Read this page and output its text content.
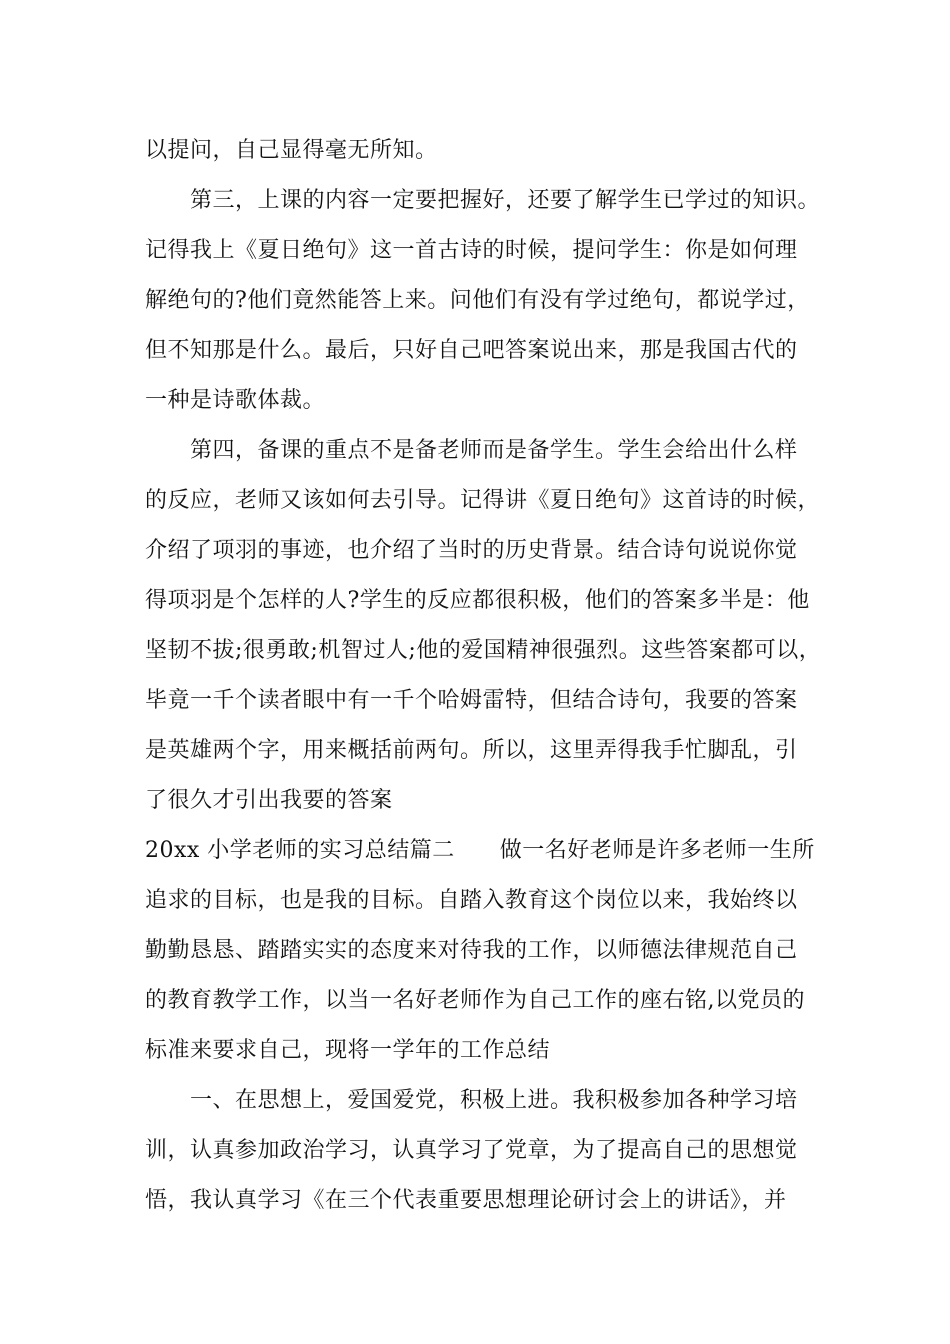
以提问，自己显得毫无所知。
第三，上课的内容一定要把握好，还要了解学生已学过的知识。
记得我上《夏日绝句》这一首古诗的时候，提问学生：你是如何理
解绝句的?他们竟然能答上来。问他们有没有学过绝句，都说学过，
但不知那是什么。最后，只好自己吧答案说出来，那是我国古代的
一种是诗歌体裁。
第四，备课的重点不是备老师而是备学生。学生会给出什么样
的反应，老师又该如何去引导。记得讲《夏日绝句》这首诗的时候，
介绍了项羽的事迹，也介绍了当时的历史背景。结合诗句说说你觉
得项羽是个怎样的人?学生的反应都很积极，他们的答案多半是：他
坚韧不拔;很勇敢;机智过人;他的爱国精神很强烈。这些答案都可以，
毕竟一千个读者眼中有一千个哈姆雷特，但结合诗句，我要的答案
是英雄两个字，用来概括前两句。所以，这里弄得我手忙脚乱，引
了很久才引出我要的答案
20xx 小学老师的实习总结篇二　　做一名好老师是许多老师一生所
追求的目标，也是我的目标。自踏入教育这个岗位以来，我始终以
勤勤恳恳、踏踏实实的态度来对待我的工作，以师德法律规范自己
的教育教学工作，以当一名好老师作为自己工作的座右铭,以党员的
标准来要求自己，现将一学年的工作总结
一、在思想上，爱国爱党，积极上进。我积极参加各种学习培
训，认真参加政治学习，认真学习了党章，为了提高自己的思想觉
悟，我认真学习《在三个代表重要思想理论研讨会上的讲话》，并
